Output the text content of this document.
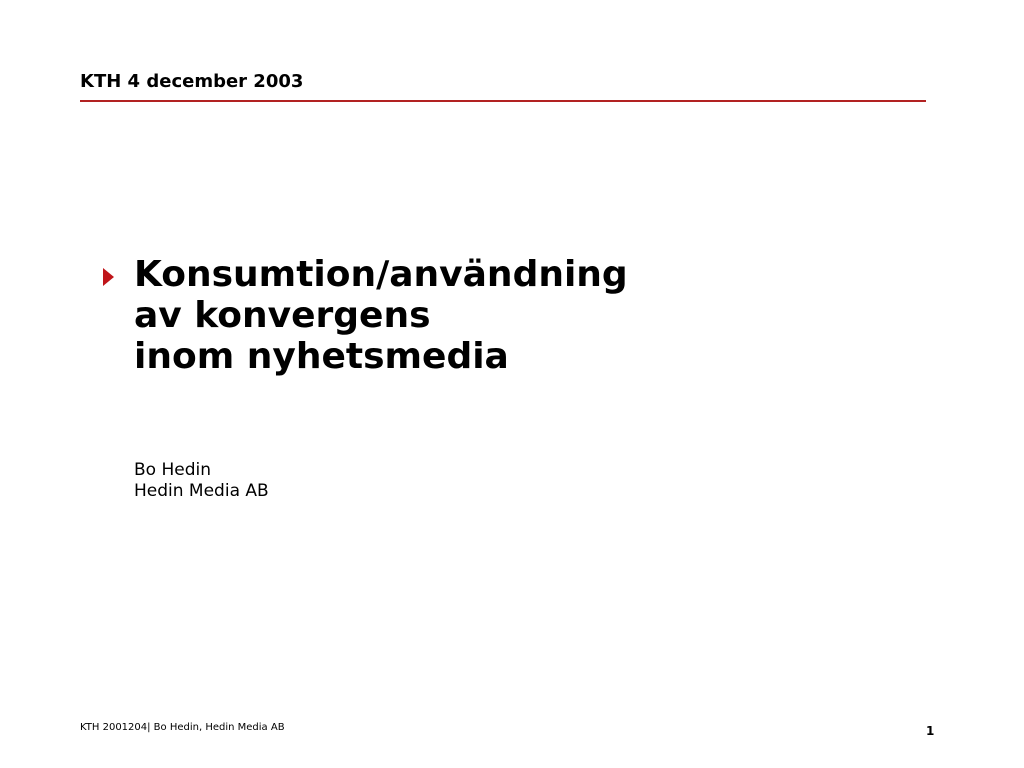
KTH 4 december 2003
Konsumtion/användning
av konvergens
inom nyhetsmedia
Bo Hedin
Hedin Media AB
KTH 2001204| Bo Hedin, Hedin Media AB	1
